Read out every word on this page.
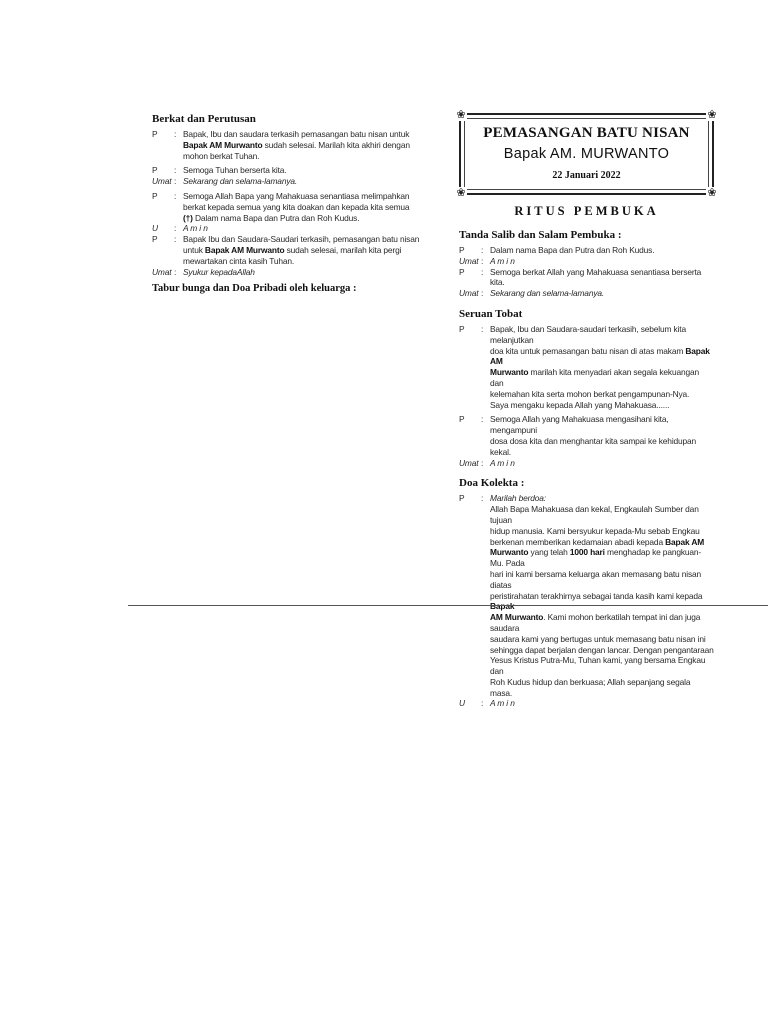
Berkat dan Perutusan
P	: Bapak, Ibu dan saudara terkasih pemasangan batu nisan untuk
Bapak AM Murwanto sudah selesai. Marilah kita akhiri dengan
mohon berkat Tuhan.
P	: Semoga Tuhan berserta kita.
Umat : Sekarang dan selama-lamanya.
P	: Semoga Allah Bapa yang Mahakuasa senantiasa melimpahkan
berkat kepada semua yang kita doakan dan kepada kita semua
(†) Dalam nama Bapa dan Putra dan Roh Kudus.
U	: A m i n
P	: Bapak Ibu dan Saudara-Saudari terkasih, pemasangan batu nisan
untuk Bapak AM Murwanto sudah selesai, marilah kita pergi
mewartakan cinta kasih Tuhan.
Umat : Syukur kepadaAllah
Tabur bunga dan Doa Pribadi oleh keluarga :
❀	❀
❀	❀
PEMASANGAN BATU NISAN
Bapak AM. MURWANTO
22 Januari 2022
RITUS PEMBUKA
Tanda Salib dan Salam Pembuka :
P	: Dalam nama Bapa dan Putra dan Roh Kudus.
Umat : A m i n
P	: Semoga berkat Allah yang Mahakuasa senantiasa berserta kita.
Umat : Sekarang dan selama-lamanya.
Seruan Tobat
P	: Bapak, Ibu dan Saudara-saudari terkasih, sebelum kita melanjutkan
doa kita untuk pemasangan batu nisan di atas makam Bapak AM
Murwanto marilah kita menyadari akan segala kekuangan dan
kelemahan kita serta mohon berkat pengampunan-Nya.
Saya mengaku kepada Allah yang Mahakuasa......
P	: Semoga Allah yang Mahakuasa mengasihani kita, mengampuni
dosa dosa kita dan menghantar kita sampai ke kehidupan kekal.
Umat : A m i n
Doa Kolekta :
P	: Marilah berdoa:
Allah Bapa Mahakuasa dan kekal, Engkaulah Sumber dan tujuan
hidup manusia. Kami bersyukur kepada-Mu sebab Engkau
berkenan memberikan kedamaian abadi kepada Bapak AM
Murwanto yang telah 1000 hari menghadap ke pangkuan-Mu. Pada
hari ini kami bersama keluarga akan memasang batu nisan diatas
peristirahatan terakhirnya sebagai tanda kasih kami kepada Bapak
AM Murwanto. Kami mohon berkatilah tempat ini dan juga saudara
saudara kami yang bertugas untuk memasang batu nisan ini
sehingga dapat berjalan dengan lancar. Dengan pengantaraan
Yesus Kristus Putra-Mu, Tuhan kami, yang bersama Engkau dan
Roh Kudus hidup dan berkuasa; Allah sepanjang segala masa.
U	: A m i n
